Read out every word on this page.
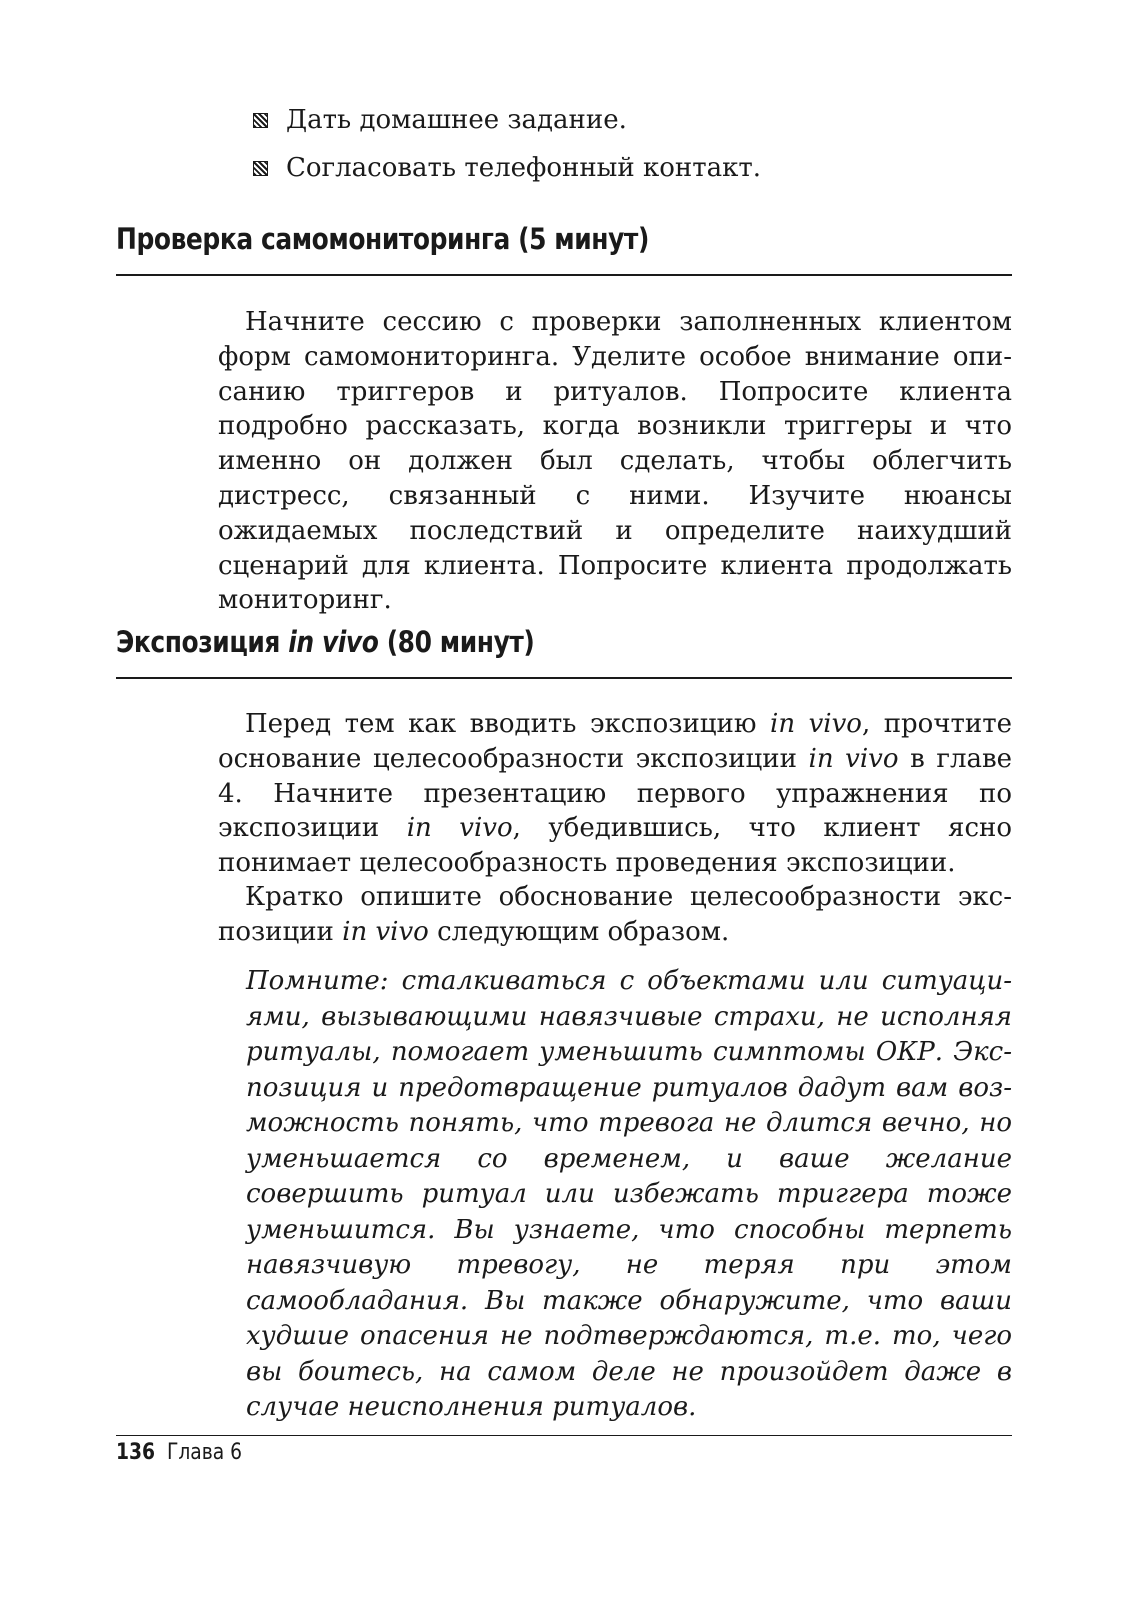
Дать домашнее задание.
Согласовать телефонный контакт.
Проверка самомониторинга (5 минут)

Начните сессию с проверки заполненных клиентом форм самомониторинга. Уделите особое внимание описанию триггеров и ритуалов. Попросите клиента подробно рассказать, когда возникли триггеры и что именно он должен был сделать, чтобы облегчить дистресс, связанный с ними. Изучите нюансы ожидаемых последствий и определите наихудший сценарий для клиента. Попросите клиента продолжать мониторинг.

Экспозиция in vivo (80 минут)

Перед тем как вводить экспозицию in vivo, прочтите основание целесообразности экспозиции in vivo в главе 4. Начните презентацию первого упражнения по экспозиции in vivo, убедившись, что клиент ясно понимает целесообразность проведения экспозиции.

Кратко опишите обоснование целесообразности экспозиции in vivo следующим образом.

Помните: сталкиваться с объектами или ситуациями, вызывающими навязчивые страхи, не исполняя ритуалы, помогает уменьшить симптомы ОКР. Экспозиция и предотвращение ритуалов дадут вам возможность понять, что тревога не длится вечно, но уменьшается со временем, и ваше желание совершить ритуал или избежать триггера тоже уменьшится. Вы узнаете, что способны терпеть навязчивую тревогу, не теряя при этом самообладания. Вы также обнаружите, что ваши худшие опасения не подтверждаются, т.е. то, чего вы боитесь, на самом деле не произойдет даже в случае неисполнения ритуалов.

136 Глава 6
